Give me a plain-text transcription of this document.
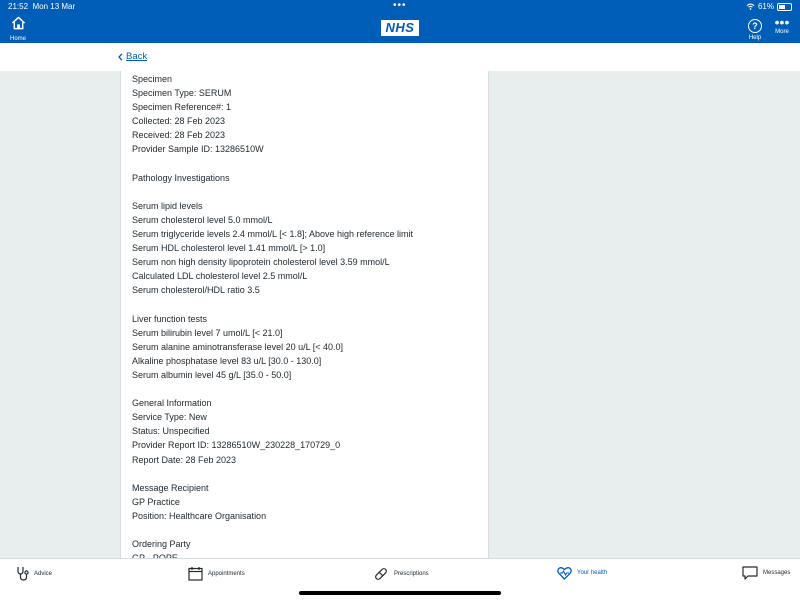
21:52 Mon 13 Mar	•••	61%
Home
NHS	?
Help
•••
More
Back
Specimen
Specimen Type: SERUM
Specimen Reference#: 1
Collected: 28 Feb 2023
Received: 28 Feb 2023
Provider Sample ID: 13286510W
Pathology Investigations
Serum lipid levels
Serum cholesterol level 5.0 mmol/L
Serum triglyceride levels 2.4 mmol/L [< 1.8]; Above high reference limit
Serum HDL cholesterol level 1.41 mmol/L [> 1.0]
Serum non high density lipoprotein cholesterol level 3.59 mmol/L
Calculated LDL cholesterol level 2.5 mmol/L
Serum cholesterol/HDL ratio 3.5
Liver function tests
Serum bilirubin level 7 umol/L [< 21.0]
Serum alanine aminotransferase level 20 u/L [< 40.0]
Alkaline phosphatase level 83 u/L [30.0 - 130.0]
Serum albumin level 45 g/L [35.0 - 50.0]
General Information
Service Type: New
Status: Unspecified
Provider Report ID: 13286510W_230228_170729_0
Report Date: 28 Feb 2023
Message Recipient
GP Practice
Position: Healthcare Organisation
Ordering Party
Advice	Appointments	Prescriptions	Your health	Messages
